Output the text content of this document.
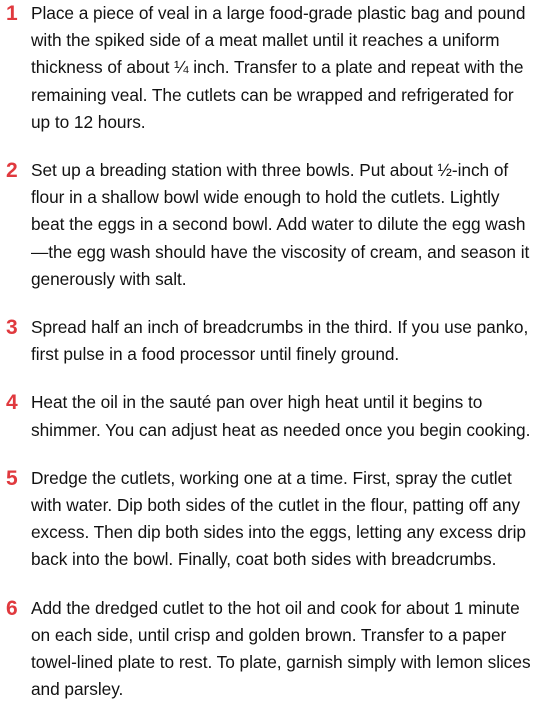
1 Place a piece of veal in a large food-grade plastic bag and pound with the spiked side of a meat mallet until it reaches a uniform thickness of about ¼ inch. Transfer to a plate and repeat with the remaining veal. The cutlets can be wrapped and refrigerated for up to 12 hours.

2 Set up a breading station with three bowls. Put about ½-inch of flour in a shallow bowl wide enough to hold the cutlets. Lightly beat the eggs in a second bowl. Add water to dilute the egg wash—the egg wash should have the viscosity of cream, and season it generously with salt.

3 Spread half an inch of breadcrumbs in the third. If you use panko, first pulse in a food processor until finely ground.

4 Heat the oil in the sauté pan over high heat until it begins to shimmer. You can adjust heat as needed once you begin cooking.

5 Dredge the cutlets, working one at a time. First, spray the cutlet with water. Dip both sides of the cutlet in the flour, patting off any excess. Then dip both sides into the eggs, letting any excess drip back into the bowl. Finally, coat both sides with breadcrumbs.

6 Add the dredged cutlet to the hot oil and cook for about 1 minute on each side, until crisp and golden brown. Transfer to a paper towel-lined plate to rest. To plate, garnish simply with lemon slices and parsley.
